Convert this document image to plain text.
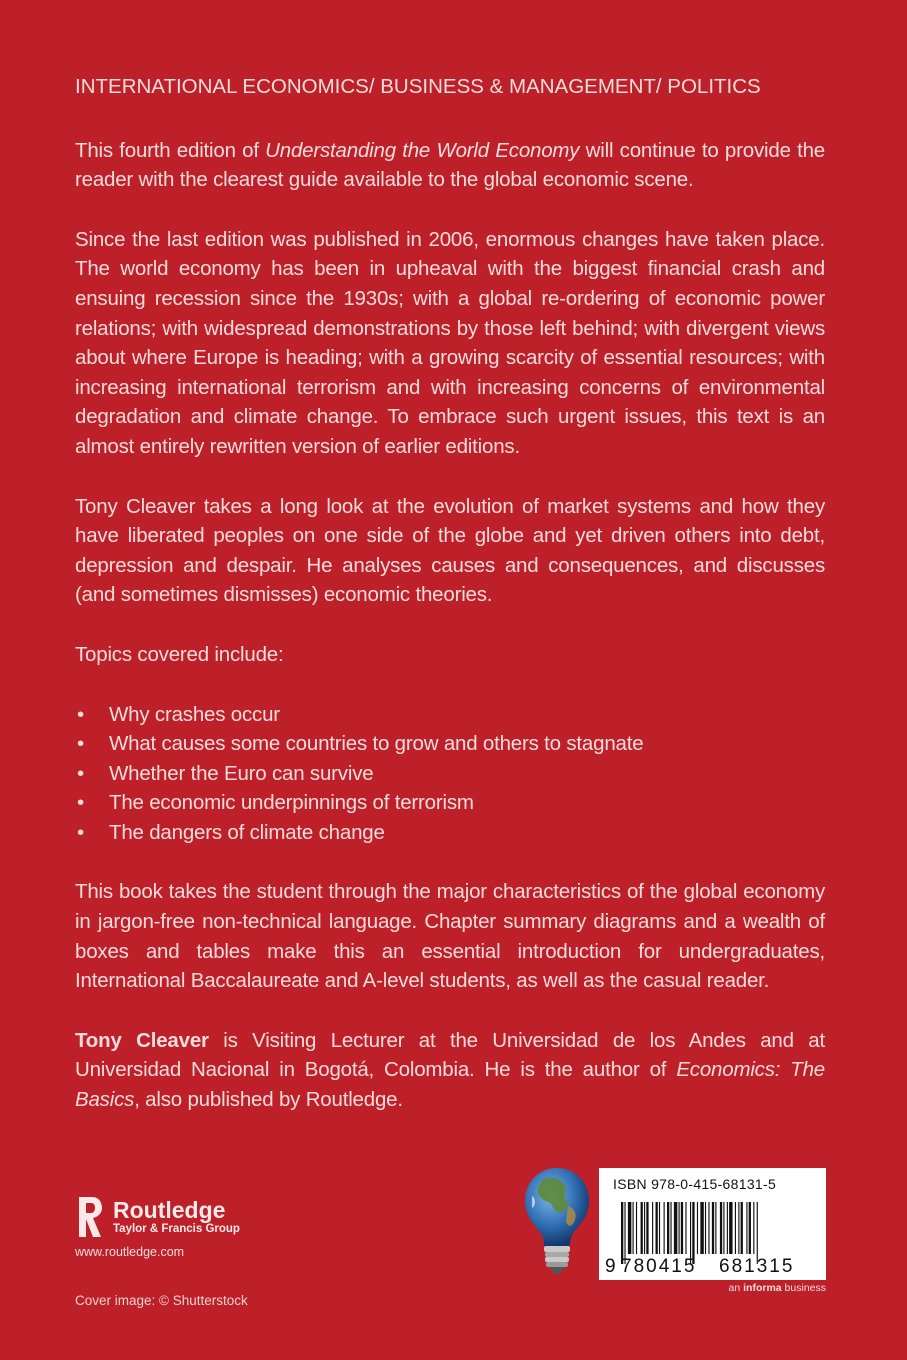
INTERNATIONAL ECONOMICS/ BUSINESS & MANAGEMENT/ POLITICS

This fourth edition of Understanding the World Economy will continue to provide the reader with the clearest guide available to the global economic scene.

Since the last edition was published in 2006, enormous changes have taken place. The world economy has been in upheaval with the biggest financial crash and ensuing recession since the 1930s; with a global re-ordering of economic power relations; with widespread demonstrations by those left behind; with divergent views about where Europe is heading; with a growing scarcity of essential resources; with increasing international terrorism and with increasing concerns of environmental degradation and climate change. To embrace such urgent issues, this text is an almost entirely rewritten version of earlier editions.

Tony Cleaver takes a long look at the evolution of market systems and how they have liberated peoples on one side of the globe and yet driven others into debt, depression and despair. He analyses causes and consequences, and discusses (and sometimes dismisses) economic theories.

Topics covered include:

• Why crashes occur
• What causes some countries to grow and others to stagnate
• Whether the Euro can survive
• The economic underpinnings of terrorism
• The dangers of climate change

This book takes the student through the major characteristics of the global economy in jargon-free non-technical language. Chapter summary diagrams and a wealth of boxes and tables make this an essential introduction for undergraduates, International Baccalaureate and A-level students, as well as the casual reader.

Tony Cleaver is Visiting Lecturer at the Universidad de los Andes and at Universidad Nacional in Bogotá, Colombia. He is the author of Economics: The Basics, also published by Routledge.

Routledge
Taylor & Francis Group
www.routledge.com
Cover image: © Shutterstock
9 780415 681315
ISBN 978-0-415-68131-5
an informa business
